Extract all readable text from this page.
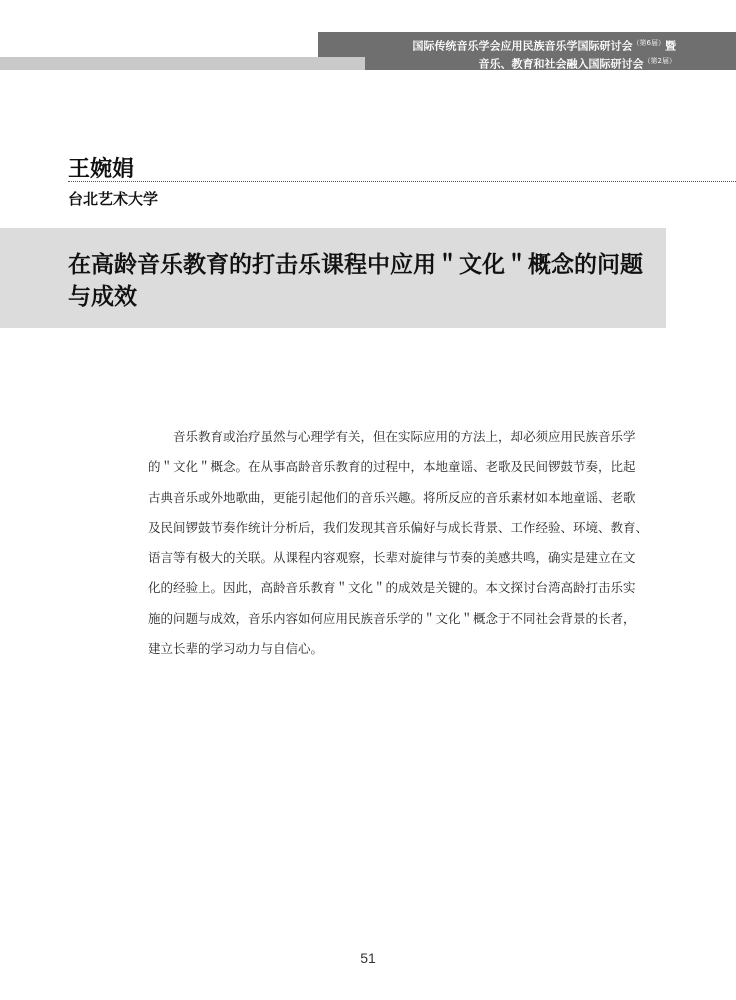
国际传统音乐学会应用民族音乐学国际研讨会$^{(第6届)}$暨
音乐、教育和社会融入国际研讨会$^{(第2届)}$
王婉娟
台北艺术大学
在高龄音乐教育的打击乐课程中应用＂文化＂概念的问题与成效
音乐教育或治疗虽然与心理学有关，但在实际应用的方法上，却必须应用民族音乐学
的＂文化＂概念。在从事高龄音乐教育的过程中，本地童谣、老歌及民间锣鼓节奏，比起
古典音乐或外地歌曲，更能引起他们的音乐兴趣。将所反应的音乐素材如本地童谣、老歌
及民间锣鼓节奏作统计分析后，我们发现其音乐偏好与成长背景、工作经验、环境、教育、
语言等有极大的关联。从课程内容观察，长辈对旋律与节奏的美感共鸣，确实是建立在文
化的经验上。因此，高龄音乐教育＂文化＂的成效是关键的。本文探讨台湾高龄打击乐实
施的问题与成效，音乐内容如何应用民族音乐学的＂文化＂概念于不同社会背景的长者，
建立长辈的学习动力与自信心。
51
